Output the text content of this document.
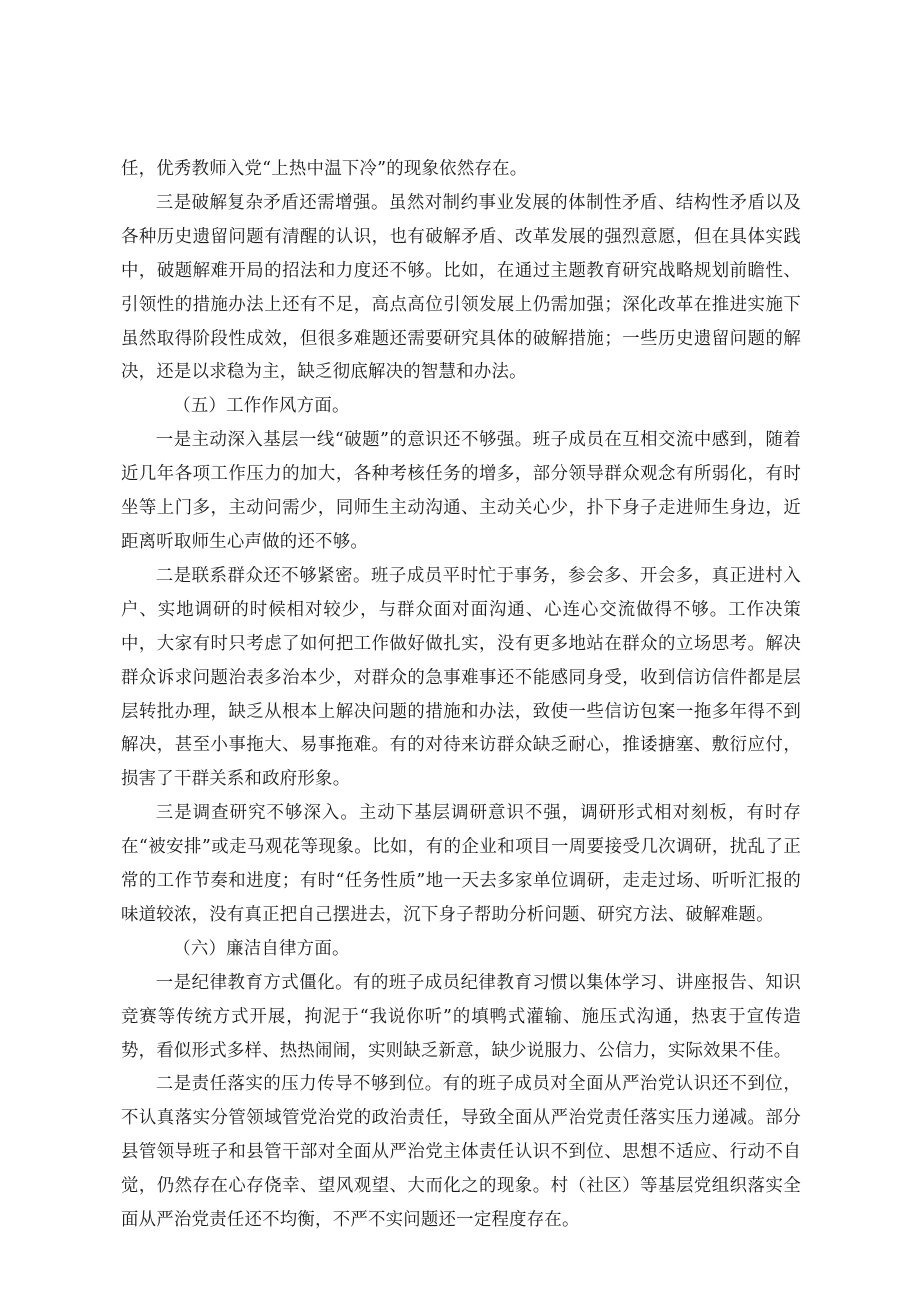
任，优秀教师入党“上热中温下冷”的现象依然存在。

三是破解复杂矛盾还需增强。虽然对制约事业发展的体制性矛盾、结构性矛盾以及各种历史遗留问题有清醒的认识，也有破解矛盾、改革发展的强烈意愿，但在具体实践中，破题解难开局的招法和力度还不够。比如，在通过主题教育研究战略规划前瞻性、引领性的措施办法上还有不足，高点高位引领发展上仍需加强；深化改革在推进实施下虽然取得阶段性成效，但很多难题还需要研究具体的破解措施；一些历史遗留问题的解决，还是以求稳为主，缺乏彻底解决的智慧和办法。

（五）工作作风方面。

一是主动深入基层一线“破题”的意识还不够强。班子成员在互相交流中感到，随着近几年各项工作压力的加大，各种考核任务的增多，部分领导群众观念有所弱化，有时坐等上门多，主动问需少，同师生主动沟通、主动关心少，扑下身子走进师生身边，近距离听取师生心声做的还不够。

二是联系群众还不够紧密。班子成员平时忙于事务，参会多、开会多，真正进村入户、实地调研的时候相对较少，与群众面对面沟通、心连心交流做得不够。工作决策中，大家有时只考虑了如何把工作做好做扎实，没有更多地站在群众的立场思考。解决群众诉求问题治表多治本少，对群众的急事难事还不能感同身受，收到信访信件都是层层转批办理，缺乏从根本上解决问题的措施和办法，致使一些信访包案一拖多年得不到解决，甚至小事拖大、易事拖难。有的对待来访群众缺乏耐心，推诿搪塞、敷衍应付，损害了干群关系和政府形象。

三是调查研究不够深入。主动下基层调研意识不强，调研形式相对刻板，有时存在“被安排”或走马观花等现象。比如，有的企业和项目一周要接受几次调研，扰乱了正常的工作节奏和进度；有时“任务性质”地一天去多家单位调研，走走过场、听听汇报的味道较浓，没有真正把自己摆进去，沉下身子帮助分析问题、研究方法、破解难题。

（六）廉洁自律方面。

一是纪律教育方式僵化。有的班子成员纪律教育习惯以集体学习、讲座报告、知识竞赛等传统方式开展，拘泥于“我说你听”的填鸭式灌输、施压式沟通，热衷于宣传造势，看似形式多样、热热闹闹，实则缺乏新意，缺少说服力、公信力，实际效果不佳。

二是责任落实的压力传导不够到位。有的班子成员对全面从严治党认识还不到位，不认真落实分管领域管党治党的政治责任，导致全面从严治党责任落实压力递减。部分县管领导班子和县管干部对全面从严治党主体责任认识不到位、思想不适应、行动不自觉，仍然存在心存侥幸、望风观望、大而化之的现象。村（社区）等基层党组织落实全面从严治党责任还不均衡，不严不实问题还一定程度存在。
